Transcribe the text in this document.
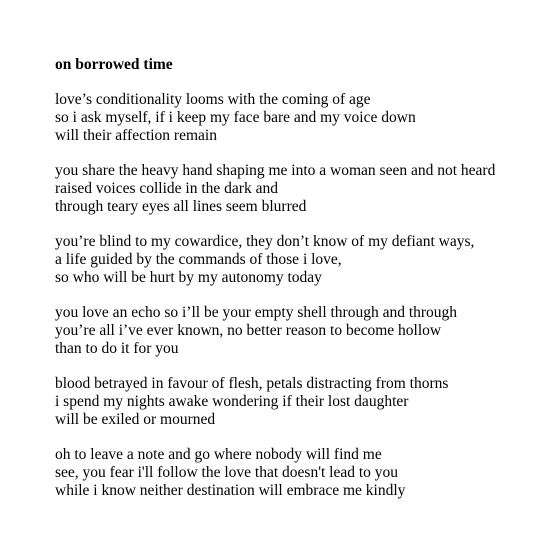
on borrowed time
love’s conditionality looms with the coming of age
so i ask myself, if i keep my face bare and my voice down
will their affection remain
you share the heavy hand shaping me into a woman seen and not heard
raised voices collide in the dark and
through teary eyes all lines seem blurred
you’re blind to my cowardice, they don’t know of my defiant ways,
a life guided by the commands of those i love,
so who will be hurt by my autonomy today
you love an echo so i’ll be your empty shell through and through
you’re all i’ve ever known, no better reason to become hollow
than to do it for you
blood betrayed in favour of flesh, petals distracting from thorns
i spend my nights awake wondering if their lost daughter
will be exiled or mourned
oh to leave a note and go where nobody will find me
see, you fear i'll follow the love that doesn't lead to you
while i know neither destination will embrace me kindly
